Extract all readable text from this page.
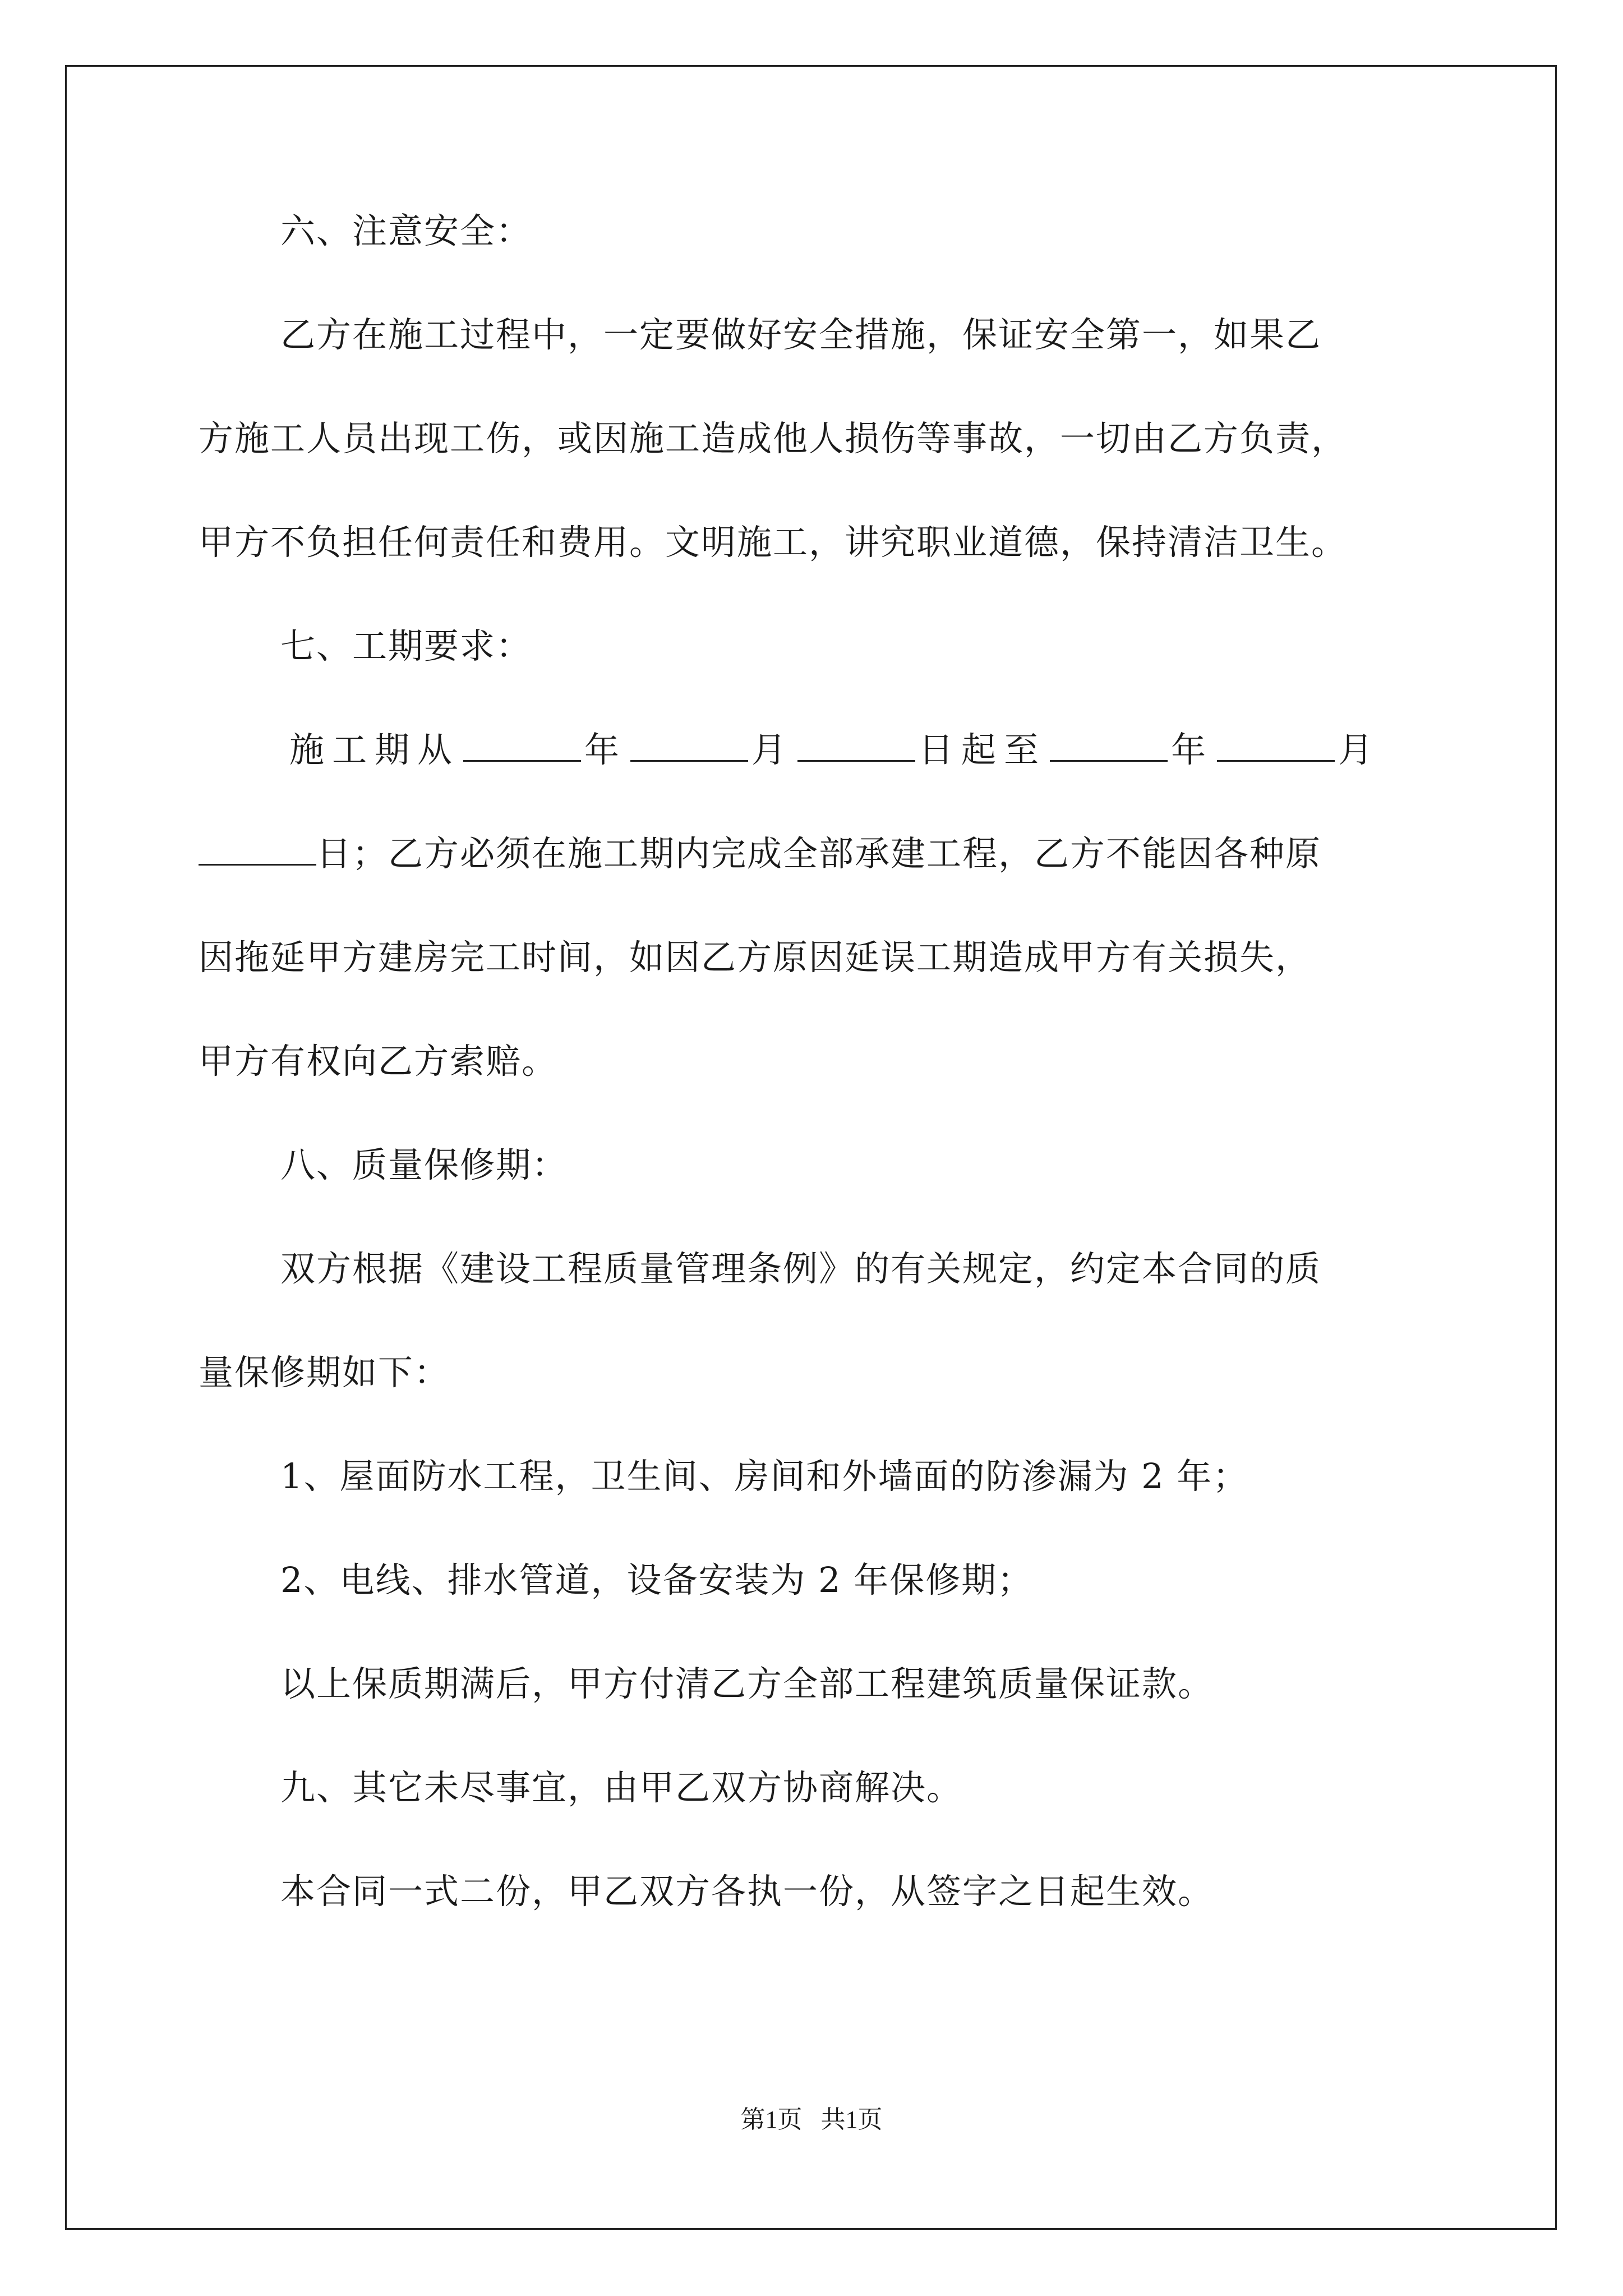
六、注意安全：
乙方在施工过程中，一定要做好安全措施，保证安全第一，如果乙
方施工人员出现工伤，或因施工造成他人损伤等事故，一切由乙方负责，
甲方不负担任何责任和费用。文明施工，讲究职业道德，保持清洁卫生。
七、工期要求：
施工期从	年	月	日起至	年	月
日；乙方必须在施工期内完成全部承建工程，乙方不能因各种原
因拖延甲方建房完工时间，如因乙方原因延误工期造成甲方有关损失，
甲方有权向乙方索赔。
八、质量保修期：
双方根据《建设工程质量管理条例》的有关规定，约定本合同的质
量保修期如下：
1、屋面防水工程，卫生间、房间和外墙面的防渗漏为 2 年；
2、电线、排水管道，设备安装为 2 年保修期；
以上保质期满后，甲方付清乙方全部工程建筑质量保证款。
九、其它未尽事宜，由甲乙双方协商解决。
本合同一式二份，甲乙双方各执一份，从签字之日起生效。
第1页   共1页
